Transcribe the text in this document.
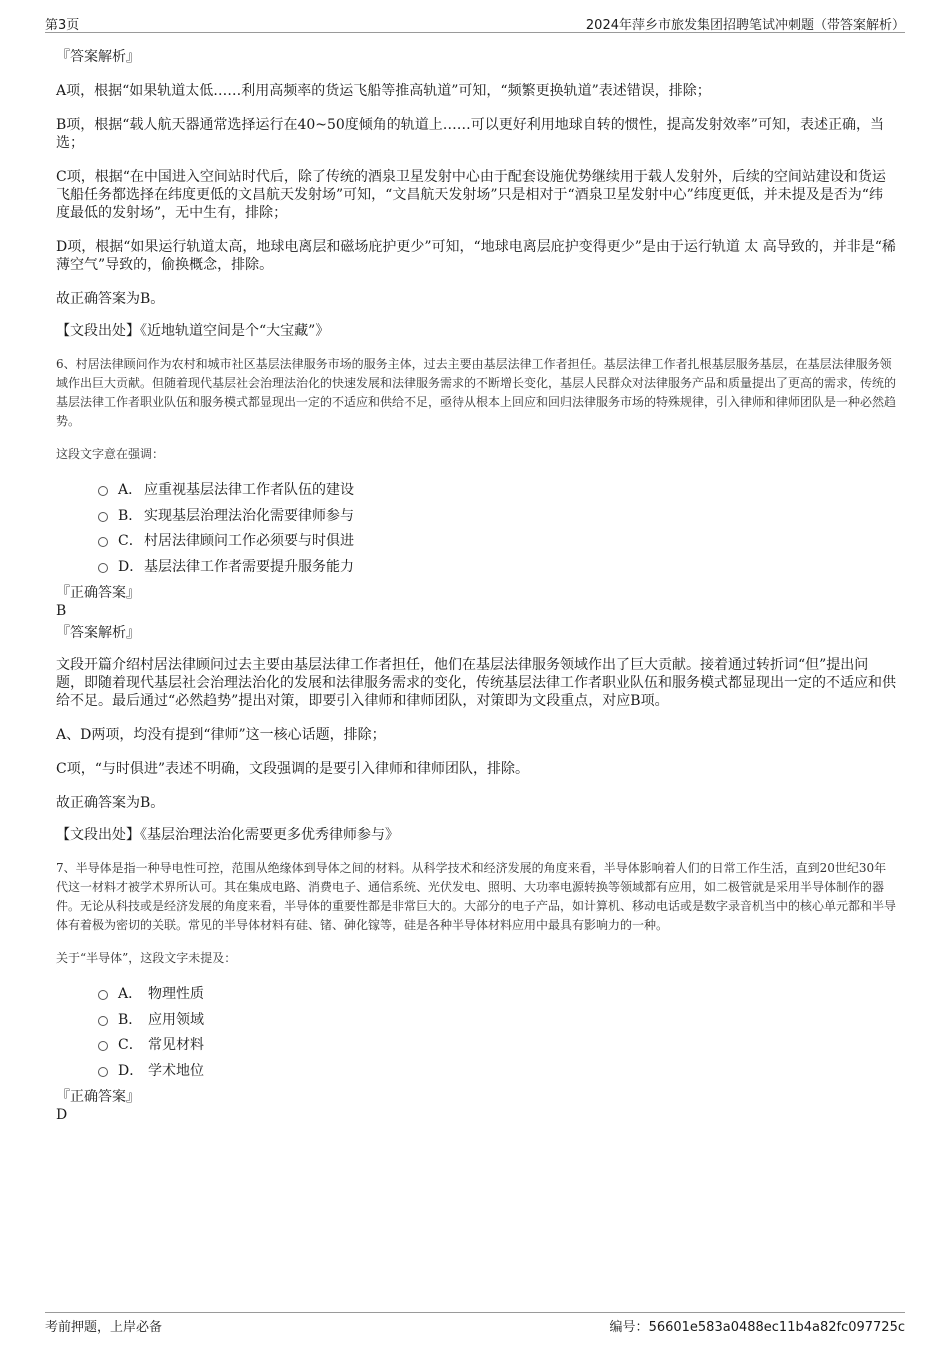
第3页	2024年萍乡市旅发集团招聘笔试冲刺题（带答案解析）

『答案解析』

A项，根据“如果轨道太低……利用高频率的货运飞船等推高轨道”可知，“频繁更换轨道”表述错误，排除；

B项，根据“载人航天器通常选择运行在40~50度倾角的轨道上……可以更好利用地球自转的惯性，提高发射效率”可知，表述正确，当选；

C项，根据“在中国进入空间站时代后，除了传统的酒泉卫星发射中心由于配套设施优势继续用于载人发射外，后续的空间站建设和货运飞船任务都选择在纬度更低的文昌航天发射场”可知，“文昌航天发射场”只是相对于“酒泉卫星发射中心”纬度更低，并未提及是否为“纬度最低的发射场”，无中生有，排除；

D项，根据“如果运行轨道太高，地球电离层和磁场庇护更少”可知，“地球电离层庇护变得更少”是由于运行轨道 太 高导致的，并非是“稀薄空气”导致的，偷换概念，排除。

故正确答案为B。

【文段出处】《近地轨道空间是个“大宝藏”》

6、村居法律顾问作为农村和城市社区基层法律服务市场的服务主体，过去主要由基层法律工作者担任。基层法律工作者扎根基层服务基层，在基层法律服务领域作出巨大贡献。但随着现代基层社会治理法治化的快速发展和法律服务需求的不断增长变化，基层人民群众对法律服务产品和质量提出了更高的需求，传统的基层法律工作者职业队伍和服务模式都显现出一定的不适应和供给不足，亟待从根本上回应和回归法律服务市场的特殊规律，引入律师和律师团队是一种必然趋势。

这段文字意在强调：

A． 应重视基层法律工作者队伍的建设
B． 实现基层治理法治化需要律师参与
C．村居法律顾问工作必须要与时俱进
D．基层法律工作者需要提升服务能力

『正确答案』

B

『答案解析』

文段开篇介绍村居法律顾问过去主要由基层法律工作者担任，他们在基层法律服务领域作出了巨大贡献。接着通过转折词“但”提出问题，即随着现代基层社会治理法治化的发展和法律服务需求的变化，传统基层法律工作者职业队伍和服务模式都显现出一定的不适应和供给不足。最后通过“必然趋势”提出对策，即要引入律师和律师团队，对策即为文段重点，对应B项。

A、D两项，均没有提到“律师”这一核心话题，排除；

C项，“与时俱进”表述不明确，文段强调的是要引入律师和律师团队，排除。

故正确答案为B。

【文段出处】《基层治理法治化需要更多优秀律师参与》

7、半导体是指一种导电性可控，范围从绝缘体到导体之间的材料。从科学技术和经济发展的角度来看，半导体影响着人们的日常工作生活，直到20世纪30年代这一材料才被学术界所认可。其在集成电路、消费电子、通信系统、光伏发电、照明、大功率电源转换等领域都有应用，如二极管就是采用半导体制作的器件。无论从科技或是经济发展的角度来看，半导体的重要性都是非常巨大的。大部分的电子产品，如计算机、移动电话或是数字录音机当中的核心单元都和半导体有着极为密切的关联。常见的半导体材料有硅、锗、砷化镓等，硅是各种半导体材料应用中最具有影响力的一种。

关于“半导体”，这段文字未提及：

A． 物理性质
B． 应用领域
C． 常见材料
D． 学术地位

『正确答案』

D

考前押题，上岸必备	编号：56601e583a0488ec11b4a82fc097725c
